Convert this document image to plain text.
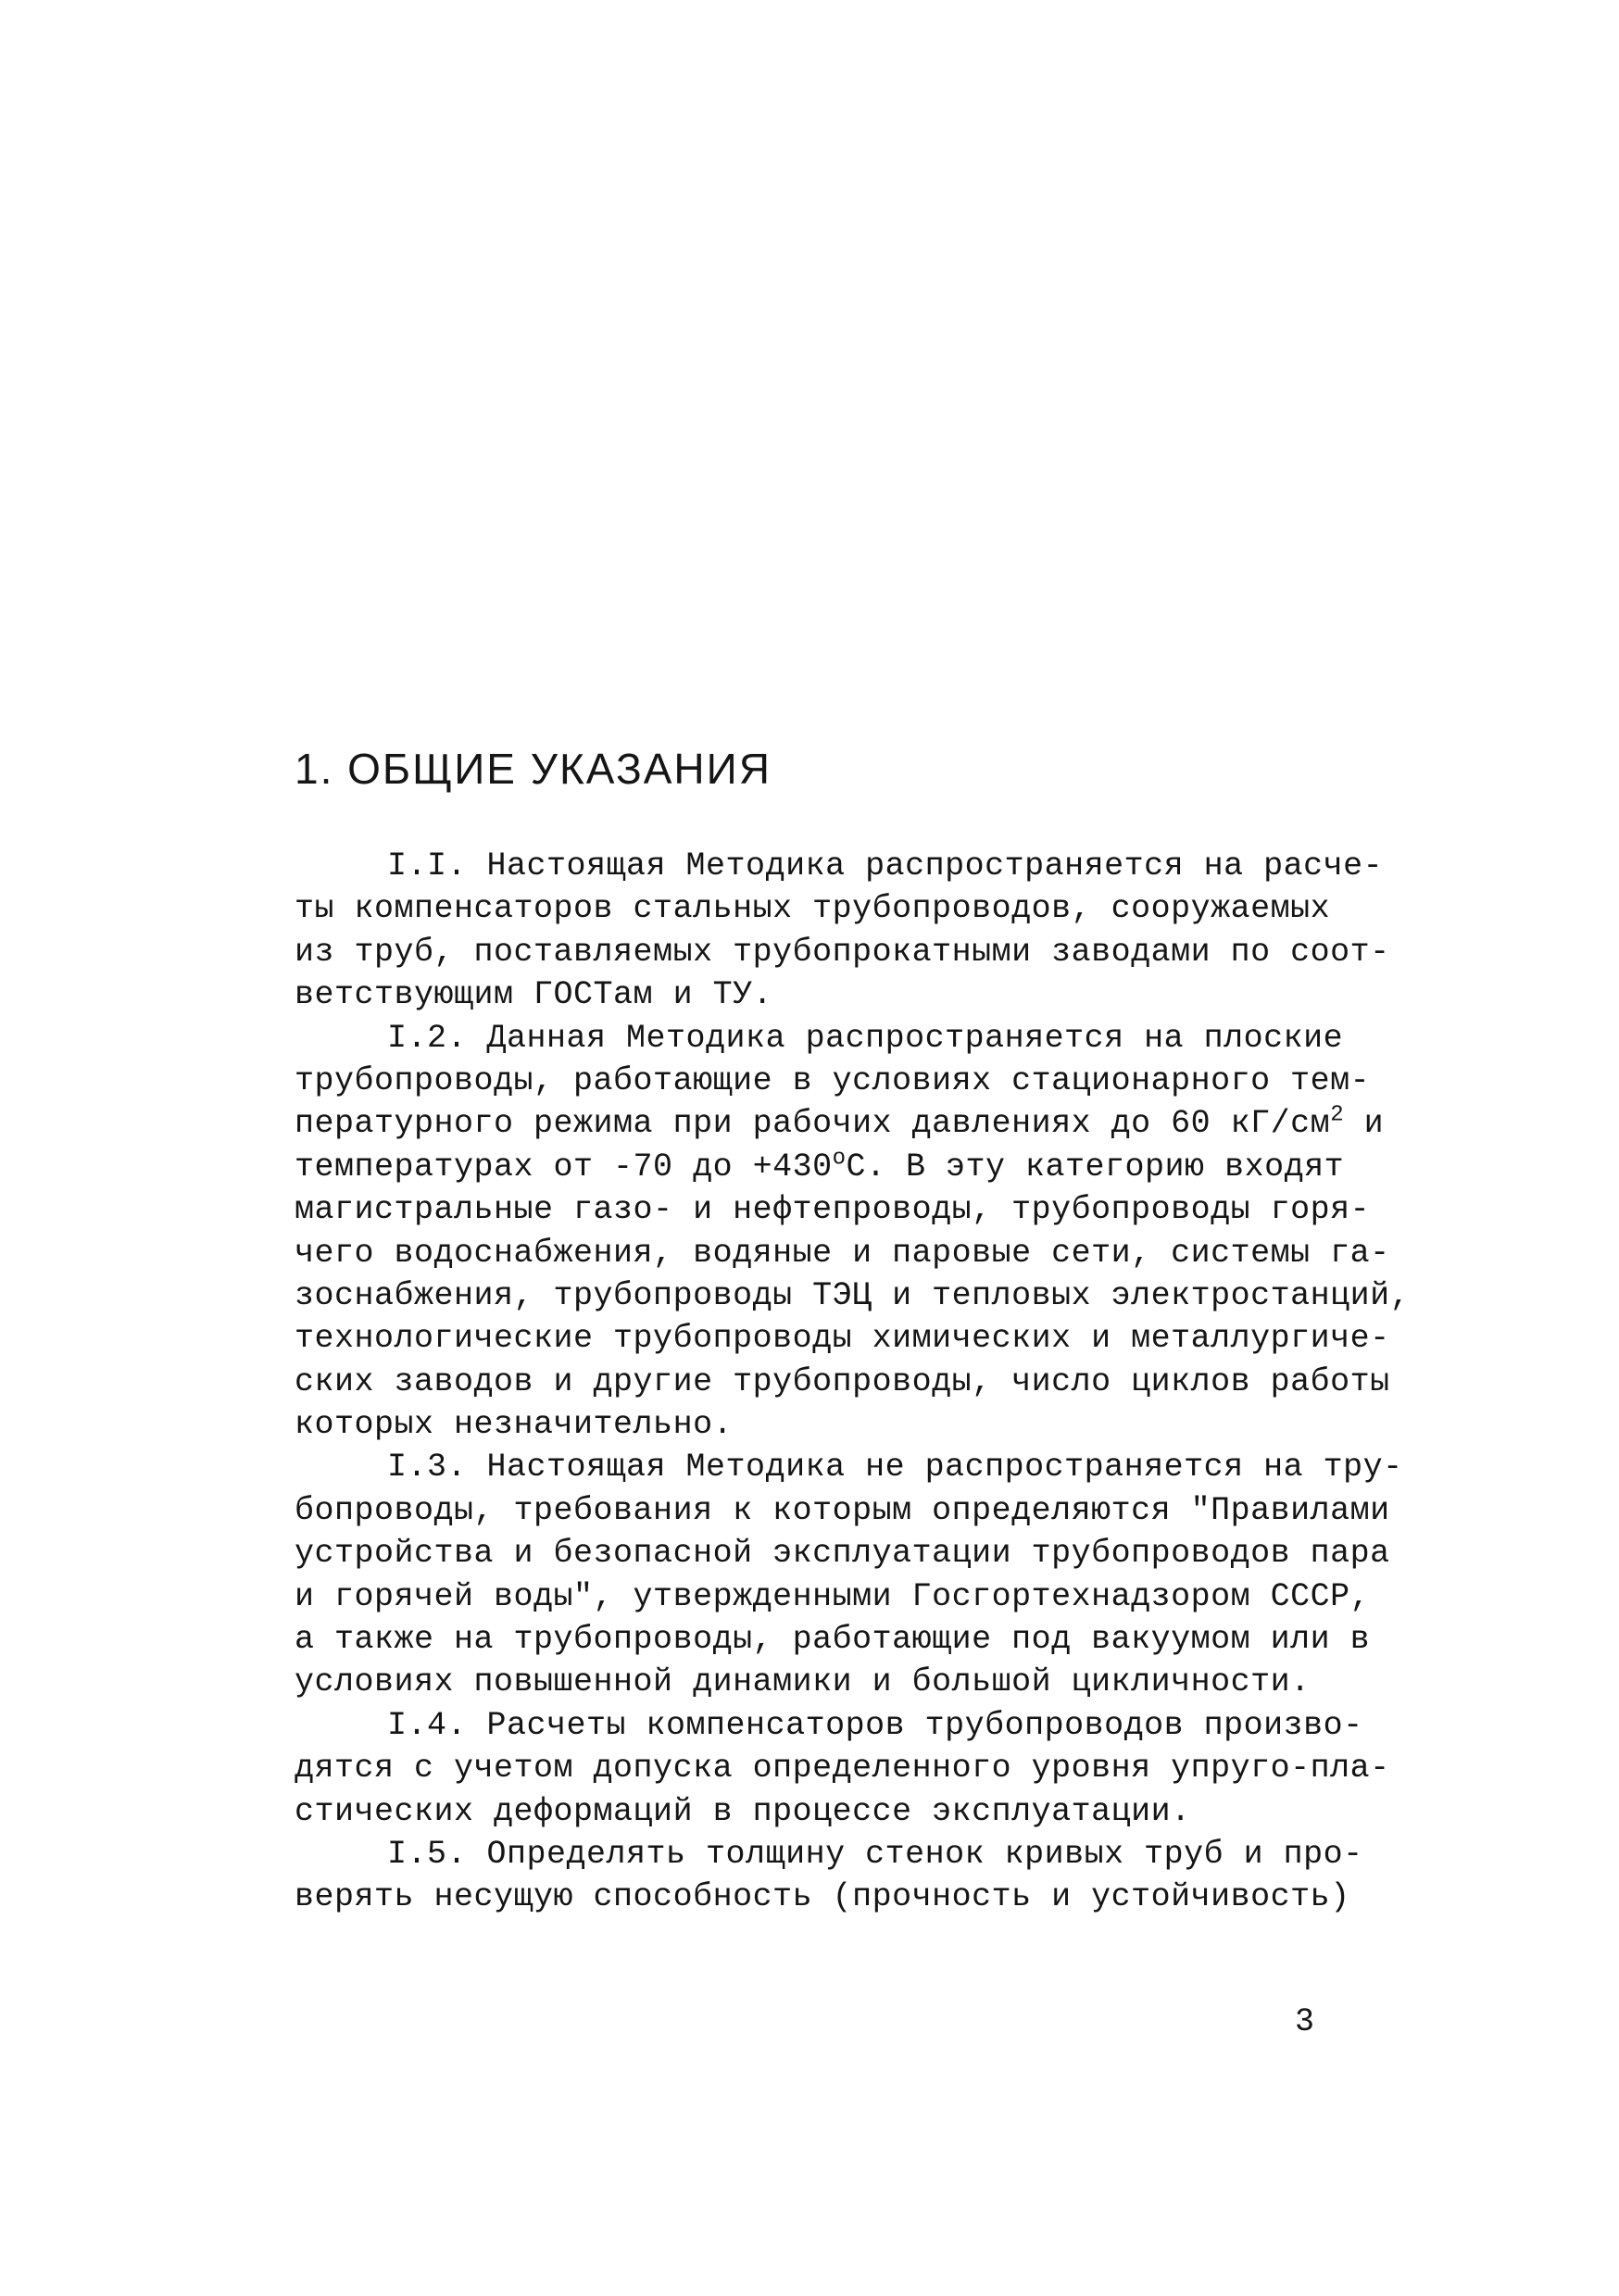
1. ОБЩИЕ УКАЗАНИЯ
I.I. Настоящая Методика распространяется на расче-
ты компенсаторов стальных трубопроводов, сооружаемых
из труб, поставляемых трубопрокатными заводами по соот-
ветствующим ГОСТам и ТУ.
I.2. Данная Методика распространяется на плоские
трубопроводы, работающие в условиях стационарного тем-
пературного режима при рабочих давлениях до 60 $кГ/см^2$ и
температурах от -70 до $+430^oС$. В эту категорию входят
магистральные газо- и нефтепроводы, трубопроводы горя-
чего водоснабжения, водяные и паровые сети, системы га-
зоснабжения, трубопроводы ТЭЦ и тепловых электростанций,
технологические трубопроводы химических и металлургиче-
ских заводов и другие трубопроводы, число циклов работы
которых незначительно.
I.3. Настоящая Методика не распространяется на тру-
бопроводы, требования к которым определяются "Правилами
устройства и безопасной эксплуатации трубопроводов пара
и горячей воды", утвержденными Госгортехнадзором СССР,
а также на трубопроводы, работающие под вакуумом или в
условиях повышенной динамики и большой цикличности.
I.4. Расчеты компенсаторов трубопроводов произво-
дятся с учетом допуска определенного уровня упруго-пла-
стических деформаций в процессе эксплуатации.
I.5. Определять толщину стенок кривых труб и про-
верять несущую способность (прочность и устойчивость)
3
